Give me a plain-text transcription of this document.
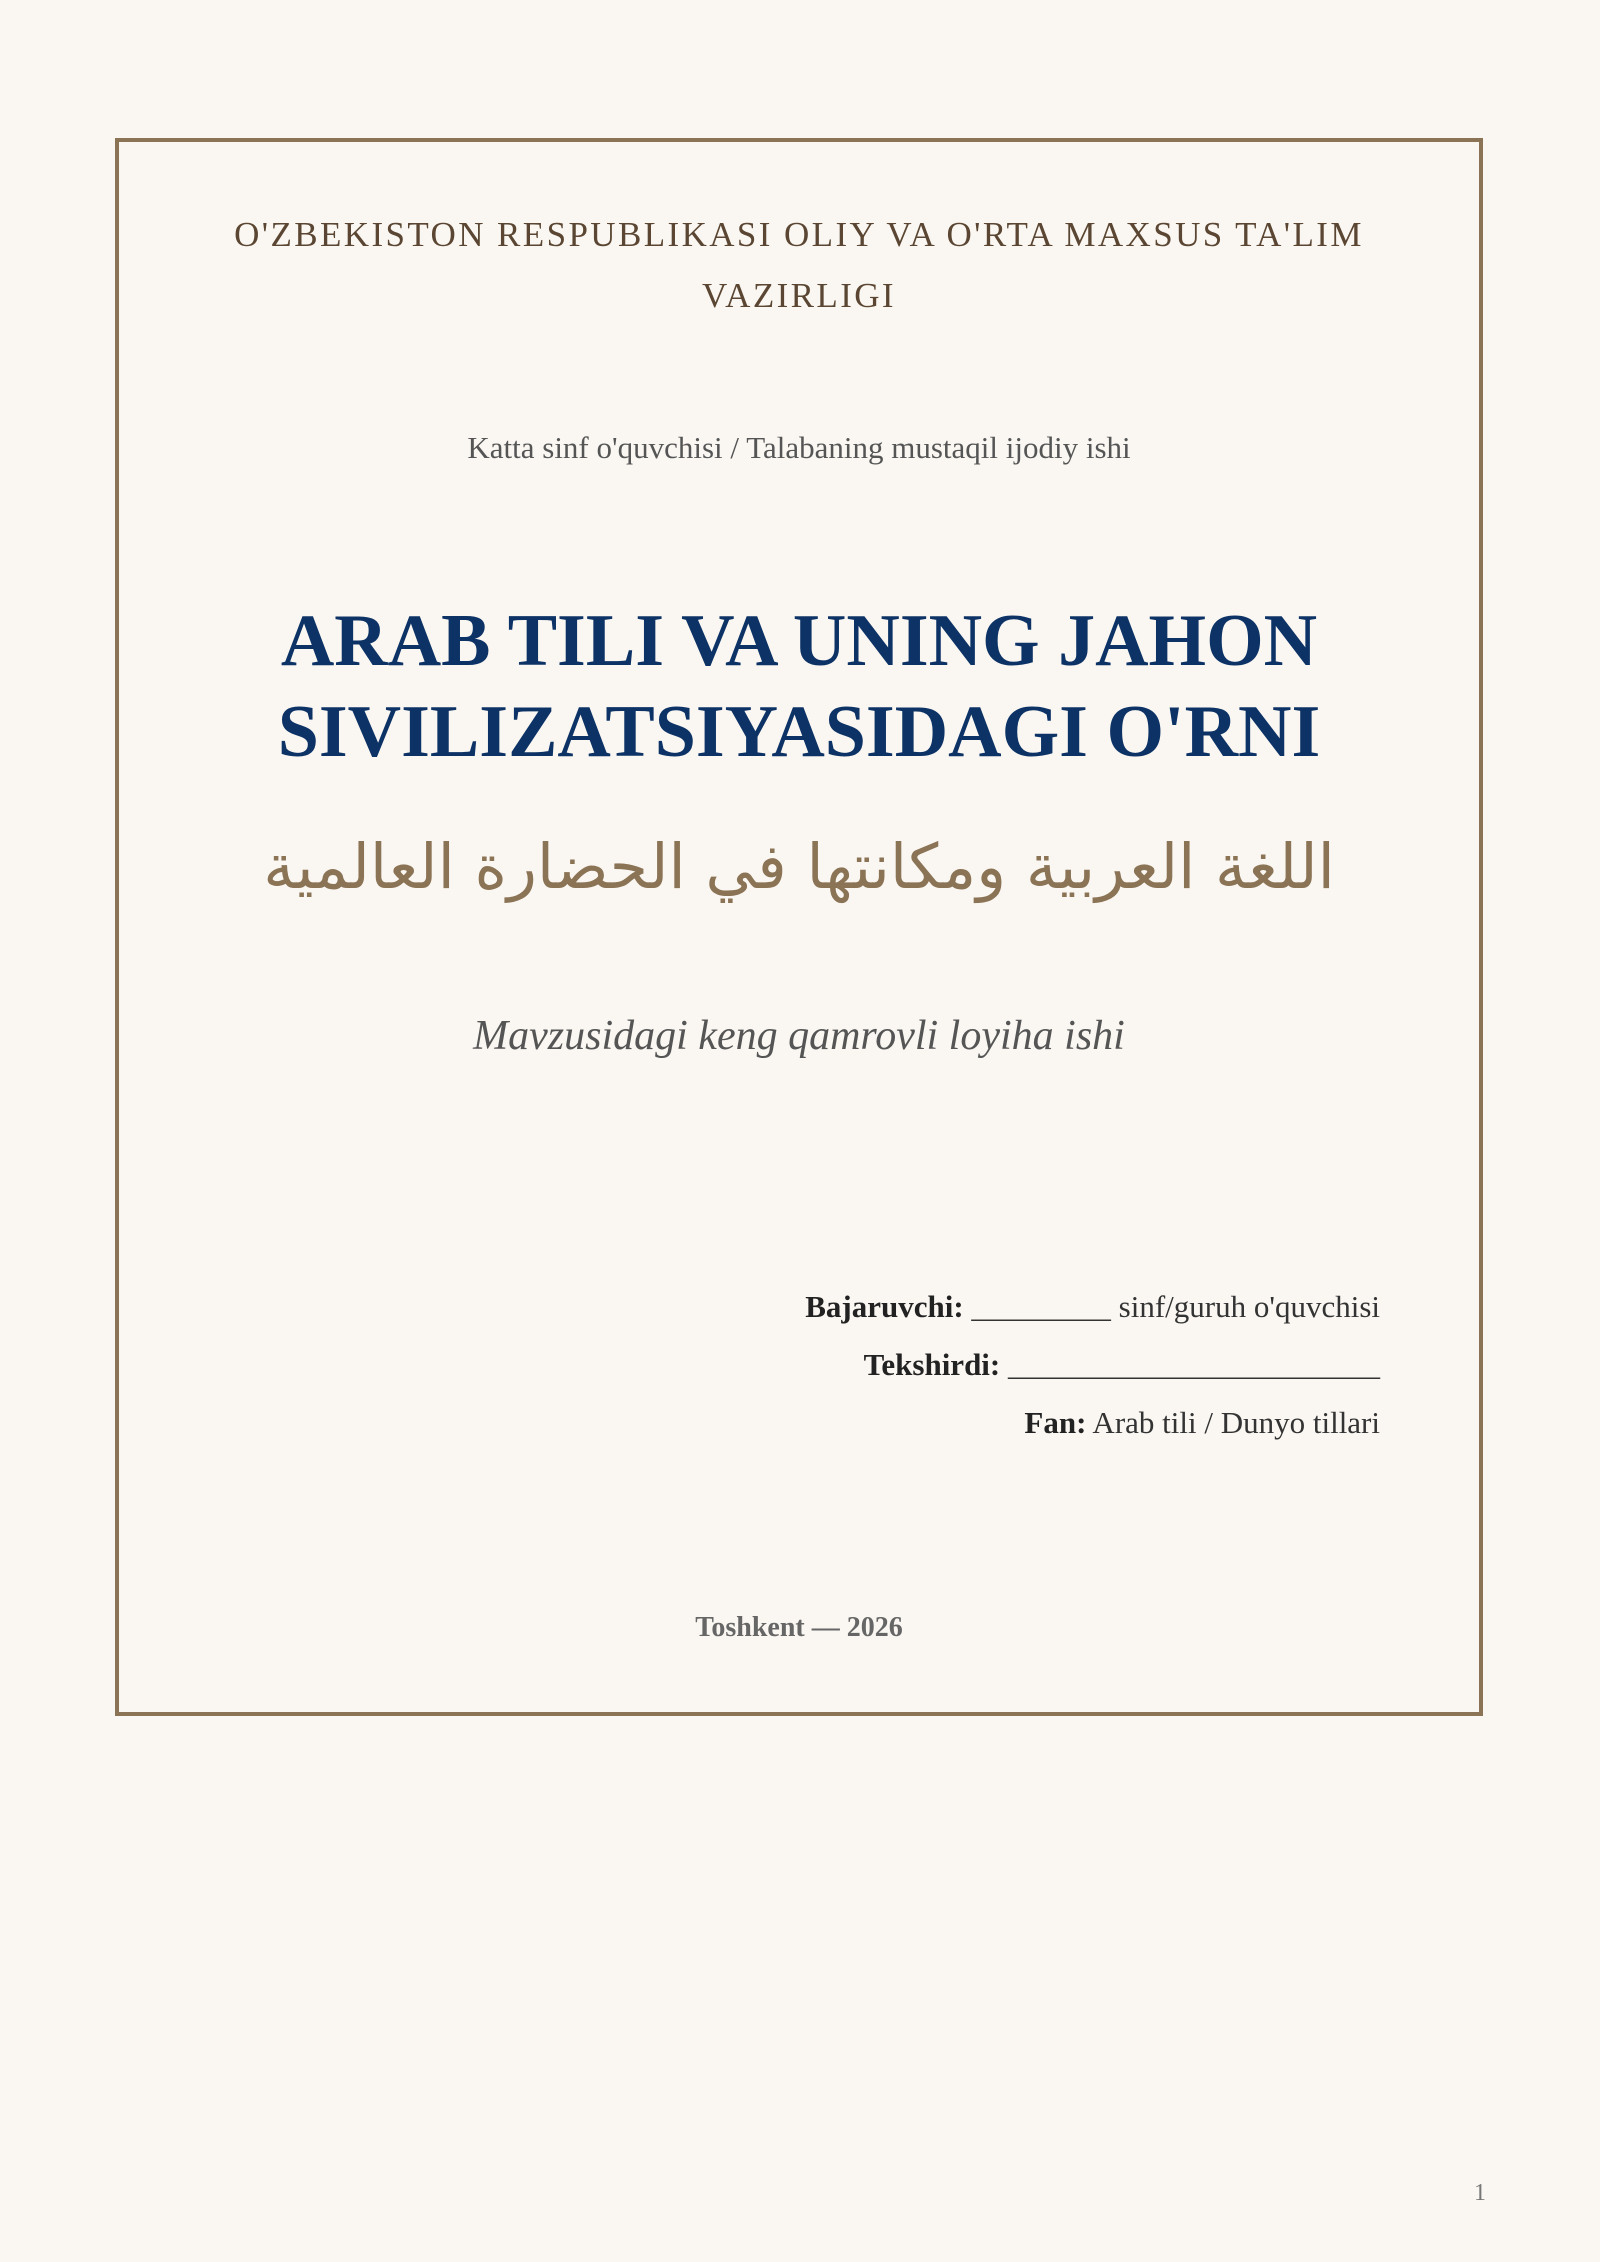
O'ZBEKISTON RESPUBLIKASI OLIY VA O'RTA MAXSUS TA'LIM VAZIRLIGI
Katta sinf o'quvchisi / Talabaning mustaqil ijodiy ishi
ARAB TILI VA UNING JAHON SIVILIZATSIYASIDAGI O'RNI
اللغة العربية ومكانتها في الحضارة العالمية
Mavzusidagi keng qamrovli loyiha ishi
Bajaruvchi: _________ sinf/guruh o'quvchisi
Tekshirdi: ________________________
Fan: Arab tili / Dunyo tillari
Toshkent — 2026
1
